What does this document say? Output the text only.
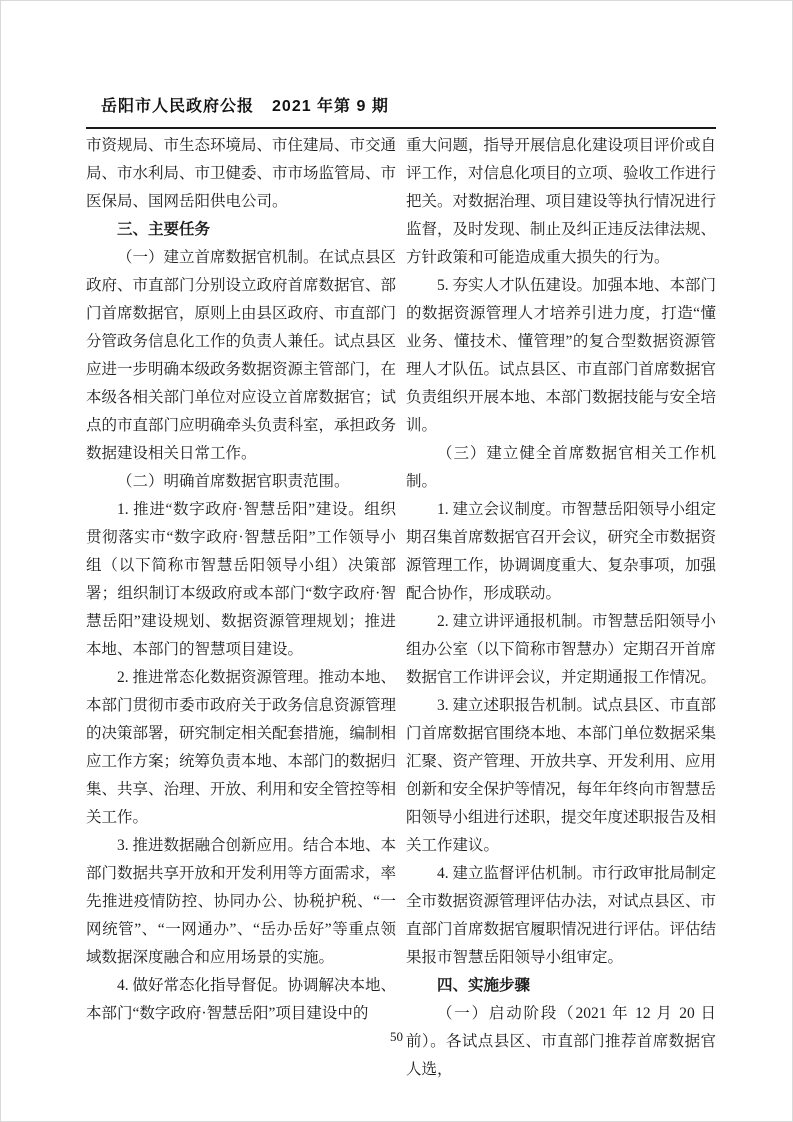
岳阳市人民政府公报 2021 年第 9 期

市资规局、市生态环境局、市住建局、市交通局、市水利局、市卫健委、市市场监管局、市医保局、国网岳阳供电公司。

三、主要任务

（一）建立首席数据官机制。在试点县区政府、市直部门分别设立政府首席数据官、部门首席数据官，原则上由县区政府、市直部门分管政务信息化工作的负责人兼任。试点县区应进一步明确本级政务数据资源主管部门，在本级各相关部门单位对应设立首席数据官；试点的市直部门应明确牵头负责科室，承担政务数据建设相关日常工作。

（二）明确首席数据官职责范围。

1. 推进“数字政府·智慧岳阳”建设。组织贯彻落实市“数字政府·智慧岳阳”工作领导小组（以下简称市智慧岳阳领导小组）决策部署；组织制订本级政府或本部门“数字政府·智慧岳阳”建设规划、数据资源管理规划；推进本地、本部门的智慧项目建设。

2. 推进常态化数据资源管理。推动本地、本部门贯彻市委市政府关于政务信息资源管理的决策部署，研究制定相关配套措施，编制相应工作方案；统筹负责本地、本部门的数据归集、共享、治理、开放、利用和安全管控等相关工作。

3. 推进数据融合创新应用。结合本地、本部门数据共享开放和开发利用等方面需求，率先推进疫情防控、协同办公、协税护税、“一网统管”、“一网通办”、“岳办岳好”等重点领域数据深度融合和应用场景的实施。

4. 做好常态化指导督促。协调解决本地、本部门“数字政府·智慧岳阳”项目建设中的

重大问题，指导开展信息化建设项目评价或自评工作，对信息化项目的立项、验收工作进行把关。对数据治理、项目建设等执行情况进行监督，及时发现、制止及纠正违反法律法规、方针政策和可能造成重大损失的行为。

5. 夯实人才队伍建设。加强本地、本部门的数据资源管理人才培养引进力度，打造“懂业务、懂技术、懂管理”的复合型数据资源管理人才队伍。试点县区、市直部门首席数据官负责组织开展本地、本部门数据技能与安全培训。

（三）建立健全首席数据官相关工作机制。

1. 建立会议制度。市智慧岳阳领导小组定期召集首席数据官召开会议，研究全市数据资源管理工作，协调调度重大、复杂事项，加强配合协作，形成联动。

2. 建立讲评通报机制。市智慧岳阳领导小组办公室（以下简称市智慧办）定期召开首席数据官工作讲评会议，并定期通报工作情况。

3. 建立述职报告机制。试点县区、市直部门首席数据官围绕本地、本部门单位数据采集汇聚、资产管理、开放共享、开发利用、应用创新和安全保护等情况，每年年终向市智慧岳阳领导小组进行述职，提交年度述职报告及相关工作建议。

4. 建立监督评估机制。市行政审批局制定全市数据资源管理评估办法，对试点县区、市直部门首席数据官履职情况进行评估。评估结果报市智慧岳阳领导小组审定。

四、实施步骤

（一）启动阶段（2021 年 12 月 20 日前）。各试点县区、市直部门推荐首席数据官人选，

50
